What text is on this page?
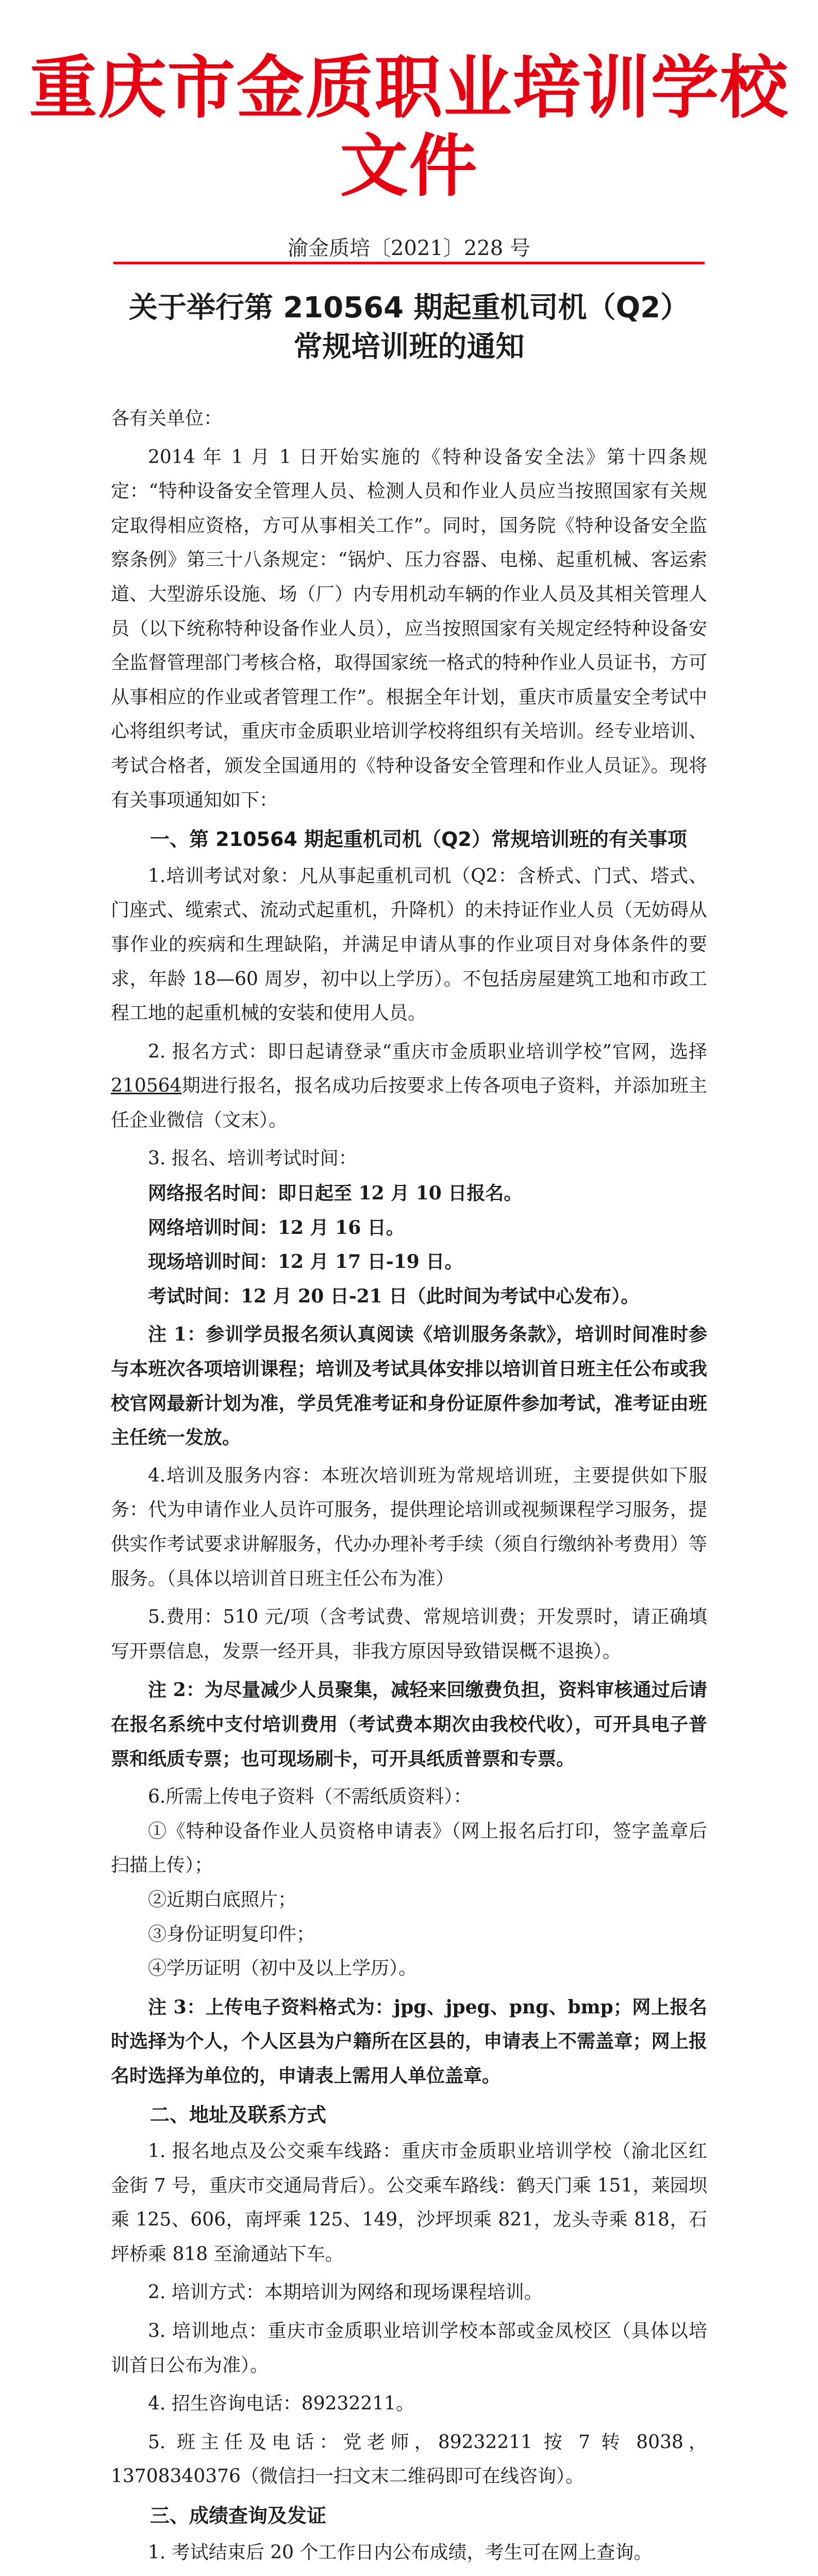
重庆市金质职业培训学校文件
渝金质培〔2021〕228 号
关于举行第 210564 期起重机司机（Q2）
常规培训班的通知

各有关单位：

2014 年 1 月 1 日开始实施的《特种设备安全法》第十四条规定：“特种设备安全管理人员、检测人员和作业人员应当按照国家有关规定取得相应资格，方可从事相关工作”。同时，国务院《特种设备安全监察条例》第三十八条规定：“锅炉、压力容器、电梯、起重机械、客运索道、大型游乐设施、场（厂）内专用机动车辆的作业人员及其相关管理人员（以下统称特种设备作业人员），应当按照国家有关规定经特种设备安全监督管理部门考核合格，取得国家统一格式的特种作业人员证书，方可从事相应的作业或者管理工作”。根据全年计划，重庆市质量安全考试中心将组织考试，重庆市金质职业培训学校将组织有关培训。经专业培训、考试合格者，颁发全国通用的《特种设备安全管理和作业人员证》。现将有关事项通知如下：

一、第 210564 期起重机司机（Q2）常规培训班的有关事项

1.培训考试对象：凡从事起重机司机（Q2：含桥式、门式、塔式、门座式、缆索式、流动式起重机，升降机）的未持证作业人员（无妨碍从事作业的疾病和生理缺陷，并满足申请从事的作业项目对身体条件的要求，年龄 18—60 周岁，初中以上学历）。不包括房屋建筑工地和市政工程工地的起重机械的安装和使用人员。

2. 报名方式：即日起请登录“重庆市金质职业培训学校”官网，选择210564期进行报名，报名成功后按要求上传各项电子资料，并添加班主任企业微信（文末）。

3. 报名、培训考试时间：

网络报名时间：即日起至 12 月 10 日报名。

网络培训时间：12 月 16 日。

现场培训时间：12 月 17 日-19 日。

考试时间：12 月 20 日-21 日（此时间为考试中心发布）。

注 1：参训学员报名须认真阅读《培训服务条款》，培训时间准时参与本班次各项培训课程；培训及考试具体安排以培训首日班主任公布或我校官网最新计划为准，学员凭准考证和身份证原件参加考试，准考证由班主任统一发放。

4.培训及服务内容：本班次培训班为常规培训班，主要提供如下服务：代为申请作业人员许可服务，提供理论培训或视频课程学习服务，提供实作考试要求讲解服务，代办办理补考手续（须自行缴纳补考费用）等服务。（具体以培训首日班主任公布为准）

5.费用：510 元/项（含考试费、常规培训费；开发票时，请正确填写开票信息，发票一经开具，非我方原因导致错误概不退换）。

注 2：为尽量减少人员聚集，减轻来回缴费负担，资料审核通过后请在报名系统中支付培训费用（考试费本期次由我校代收），可开具电子普票和纸质专票；也可现场刷卡，可开具纸质普票和专票。

6.所需上传电子资料（不需纸质资料）：

①《特种设备作业人员资格申请表》（网上报名后打印，签字盖章后扫描上传）；

②近期白底照片；

③身份证明复印件；

④学历证明（初中及以上学历）。

注 3：上传电子资料格式为：jpg、jpeg、png、bmp；网上报名时选择为个人，个人区县为户籍所在区县的，申请表上不需盖章；网上报名时选择为单位的，申请表上需用人单位盖章。

二、地址及联系方式

1. 报名地点及公交乘车线路：重庆市金质职业培训学校（渝北区红金街 7 号，重庆市交通局背后）。公交乘车路线：鹤天门乘 151，莱园坝乘 125、606，南坪乘 125、149，沙坪坝乘 821，龙头寺乘 818，石坪桥乘 818 至渝通站下车。

2. 培训方式：本期培训为网络和现场课程培训。

3. 培训地点：重庆市金质职业培训学校本部或金凤校区（具体以培训首日公布为准）。

4. 招生咨询电话：89232211。

5. 班主任及电话：党老师，89232211 按 7 转 8038，13708340376（微信扫一扫文末二维码即可在线咨询）。

三、成绩查询及发证

1. 考试结束后 20 个工作日内公布成绩，考生可在网上查询。
